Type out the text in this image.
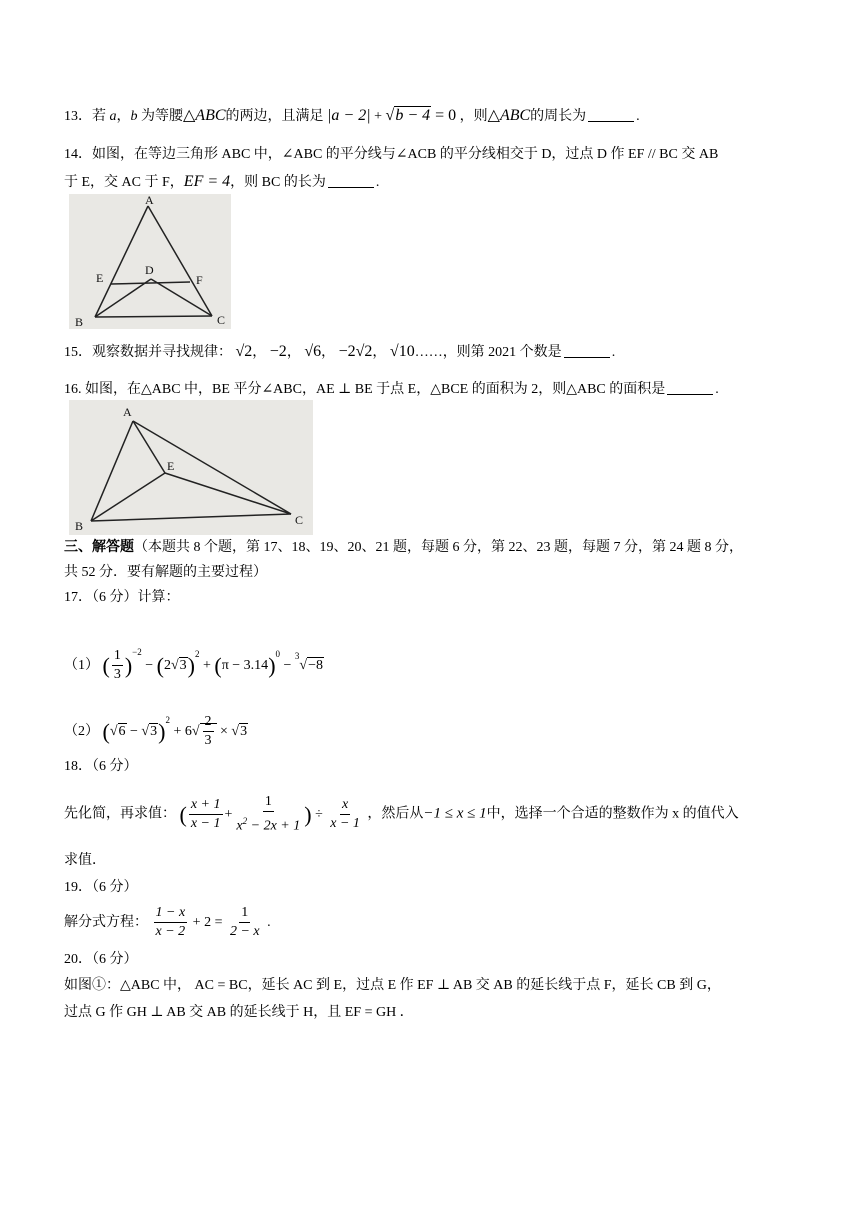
13．若 a，b 为等腰△ABC的两边，且满足 |a − 2| + √b − 4 = 0 ，则△ABC的周长为	.
14．如图，在等边三角形 ABC 中，∠ABC 的平分线与∠ACB 的平分线相交于 D，过点 D 作 EF // BC 交 AB
于 E，交 AC 于 F，EF = 4，则 BC 的长为	.
A
B	C
D
E	F
15．观察数据并寻找规律： √2， −2， √6， −2√2， √10……，则第 2021 个数是	.
16. 如图，在△ABC 中，BE 平分∠ABC，AE ⊥ BE 于点 E，△BCE 的面积为 2，则△ABC 的面积是	.
A
B	C
E
三、解答题（本题共 8 个题，第 17、18、19、20、21 题，每题 6 分，第 22、23 题，每题 7 分，第 24 题 8 分，
共 52 分．要有解题的主要过程）
17．（6 分）计算：
（1） ( $\frac{1}{3} )^{-2} - (2√3)^2 + (\pi - 3.14)^0 - ^3√-8$
（2） $(√6 - √3)^2 + 6√ \frac{2}{3} \times √3$
18．（6 分）
先化简，再求值： ( $\frac{x + 1}{x - 1} + \frac{1}{x^2 - 2x + 1}$ ) ÷ $\frac{x}{x - 1}$ ，然后从−1 ≤ x ≤ 1中，选择一个合适的整数作为 x 的值代入
求值．
19．（6 分）
解分式方程： $\frac{1 - x}{x - 2} + 2 = \frac{1}{2 - x}$ .
20．（6 分）
如图①：△ABC 中， AC = BC，延长 AC 到 E，过点 E 作 EF ⊥ AB 交 AB 的延长线于点 F，延长 CB 到 G，
过点 G 作 GH ⊥ AB 交 AB 的延长线于 H，且 EF = GH ．
